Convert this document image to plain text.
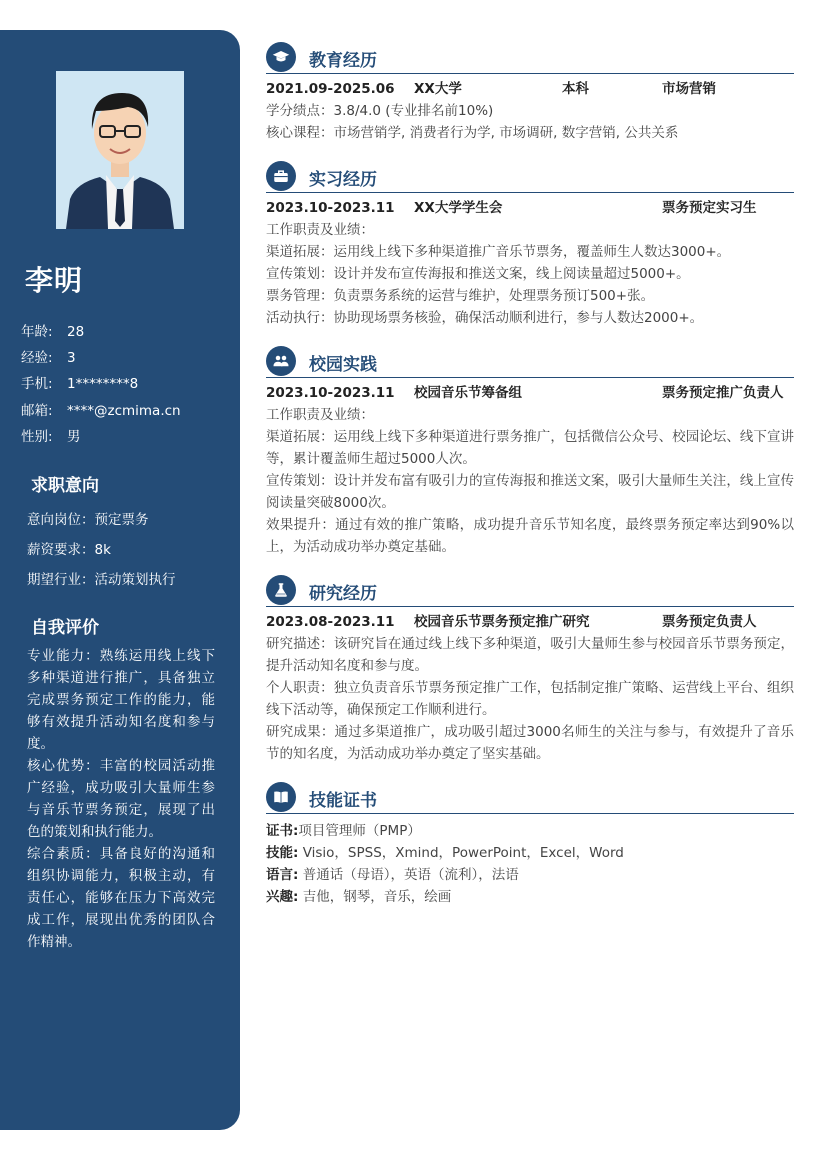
李明
年龄: 28
经验: 3
手机: 1********8
邮箱: ****@zcmima.cn
性别: 男
求职意向
意向岗位：预定票务
薪资要求：8k
期望行业：活动策划执行
自我评价

专业能力：熟练运用线上线下多种渠道进行推广，具备独立完成票务预定工作的能力，能够有效提升活动知名度和参与度。

核心优势：丰富的校园活动推广经验，成功吸引大量师生参与音乐节票务预定，展现了出色的策划和执行能力。

综合素质：具备良好的沟通和组织协调能力，积极主动，有责任心，能够在压力下高效完成工作，展现出优秀的团队合作精神。

教育经历
2021.09-2025.06 XX大学	本科	市场营销
学分绩点：3.8/4.0 (专业排名前10%)
核心课程：市场营销学, 消费者行为学, 市场调研, 数字营销, 公共关系
实习经历
2023.10-2023.11 XX大学学生会	票务预定实习生
工作职责及业绩：
渠道拓展：运用线上线下多种渠道推广音乐节票务，覆盖师生人数达3000+。
宣传策划：设计并发布宣传海报和推送文案，线上阅读量超过5000+。
票务管理：负责票务系统的运营与维护，处理票务预订500+张。
活动执行：协助现场票务核验，确保活动顺利进行，参与人数达2000+。
校园实践
2023.10-2023.11 校园音乐节筹备组	票务预定推广负责人
工作职责及业绩：
渠道拓展：运用线上线下多种渠道进行票务推广，包括微信公众号、校园论坛、线下宣讲等，累计覆盖师生超过5000人次。
宣传策划：设计并发布富有吸引力的宣传海报和推送文案，吸引大量师生关注，线上宣传阅读量突破8000次。
效果提升：通过有效的推广策略，成功提升音乐节知名度，最终票务预定率达到90%以上，为活动成功举办奠定基础。
研究经历
2023.08-2023.11 校园音乐节票务预定推广研究	票务预定负责人
研究描述：该研究旨在通过线上线下多种渠道，吸引大量师生参与校园音乐节票务预定，提升活动知名度和参与度。
个人职责：独立负责音乐节票务预定推广工作，包括制定推广策略、运营线上平台、组织线下活动等，确保预定工作顺利进行。
研究成果：通过多渠道推广，成功吸引超过3000名师生的关注与参与，有效提升了音乐节的知名度，为活动成功举办奠定了坚实基础。
技能证书
证书:项目管理师（PMP）
技能: Visio，SPSS，Xmind，PowerPoint，Excel，Word
语言: 普通话（母语），英语（流利），法语
兴趣: 吉他，钢琴，音乐，绘画
